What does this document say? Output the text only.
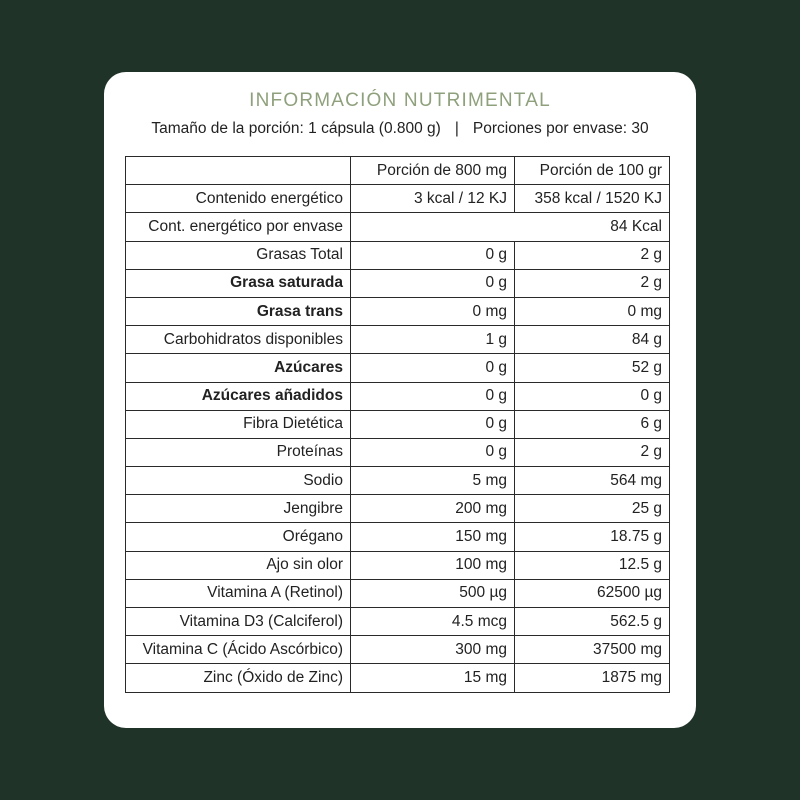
INFORMACIÓN NUTRIMENTAL
Tamaño de la porción: 1 cápsula (0.800 g) | Porciones por envase: 30
	Porción de 800 mg	Porción de 100 gr
Contenido energético	3 kcal / 12 KJ	358 kcal / 1520 KJ
Cont. energético por envase	84 Kcal	
Grasas Total	0 g	2 g
Grasa saturada	0 g	2 g
Grasa trans	0 mg	0 mg
Carbohidratos disponibles	1 g	84 g
Azúcares	0 g	52 g
Azúcares añadidos	0 g	0 g
Fibra Dietética	0 g	6 g
Proteínas	0 g	2 g
Sodio	5 mg	564 mg
Jengibre	200 mg	25 g
Orégano	150 mg	18.75 g
Ajo sin olor	100 mg	12.5 g
Vitamina A (Retinol)	500 µg	62500 µg
Vitamina D3 (Calciferol)	4.5 mcg	562.5 g
Vitamina C (Ácido Ascórbico)	300 mg	37500 mg
Zinc (Óxido de Zinc)	15 mg	1875 mg
